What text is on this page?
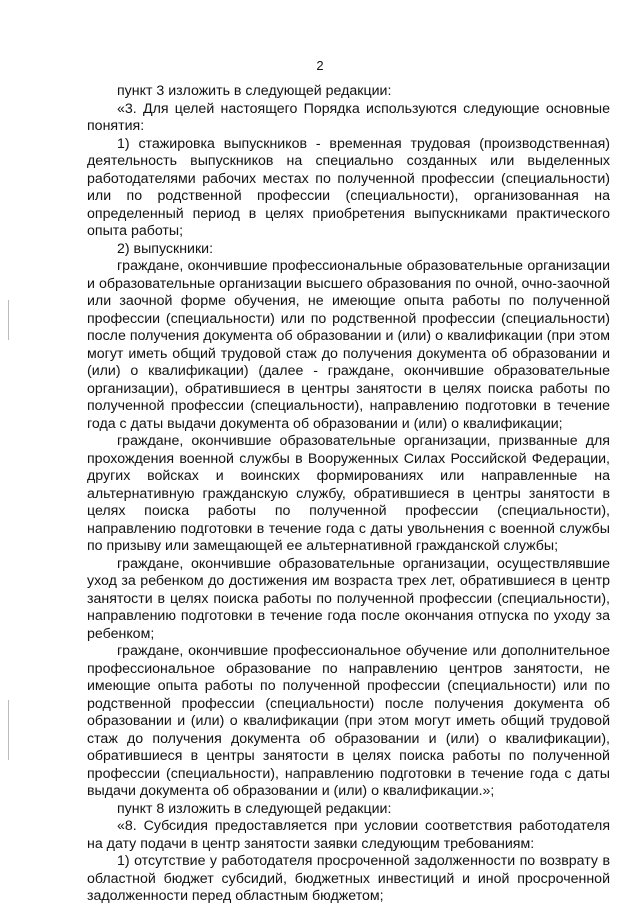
2

пункт 3 изложить в следующей редакции:

«3. Для целей настоящего Порядка используются следующие основные понятия:

1) стажировка выпускников - временная трудовая (производственная) деятельность выпускников на специально созданных или выделенных работодателями рабочих местах по полученной профессии (специальности) или по родственной профессии (специальности), организованная на определенный период в целях приобретения выпускниками практического опыта работы;

2) выпускники:

граждане, окончившие профессиональные образовательные организации и образовательные организации высшего образования по очной, очно-заочной или заочной форме обучения, не имеющие опыта работы по полученной профессии (специальности) или по родственной профессии (специальности) после получения документа об образовании и (или) о квалификации (при этом могут иметь общий трудовой стаж до получения документа об образовании и (или) о квалификации) (далее - граждане, окончившие образовательные организации), обратившиеся в центры занятости в целях поиска работы по полученной профессии (специальности), направлению подготовки в течение года с даты выдачи документа об образовании и (или) о квалификации;

граждане, окончившие образовательные организации, призванные для прохождения военной службы в Вооруженных Силах Российской Федерации, других войсках и воинских формированиях или направленные на альтернативную гражданскую службу, обратившиеся в центры занятости в целях поиска работы по полученной профессии (специальности), направлению подготовки в течение года с даты увольнения с военной службы по призыву или замещающей ее альтернативной гражданской службы;

граждане, окончившие образовательные организации, осуществлявшие уход за ребенком до достижения им возраста трех лет, обратившиеся в центр занятости в целях поиска работы по полученной профессии (специальности), направлению подготовки в течение года после окончания отпуска по уходу за ребенком;

граждане, окончившие профессиональное обучение или дополнительное профессиональное образование по направлению центров занятости, не имеющие опыта работы по полученной профессии (специальности) или по родственной профессии (специальности) после получения документа об образовании и (или) о квалификации (при этом могут иметь общий трудовой стаж до получения документа об образовании и (или) о квалификации), обратившиеся в центры занятости в целях поиска работы по полученной профессии (специальности), направлению подготовки в течение года с даты выдачи документа об образовании и (или) о квалификации.»;

пункт 8 изложить в следующей редакции:

«8. Субсидия предоставляется при условии соответствия работодателя на дату подачи в центр занятости заявки следующим требованиям:

1) отсутствие у работодателя просроченной задолженности по возврату в областной бюджет субсидий, бюджетных инвестиций и иной просроченной задолженности перед областным бюджетом;
